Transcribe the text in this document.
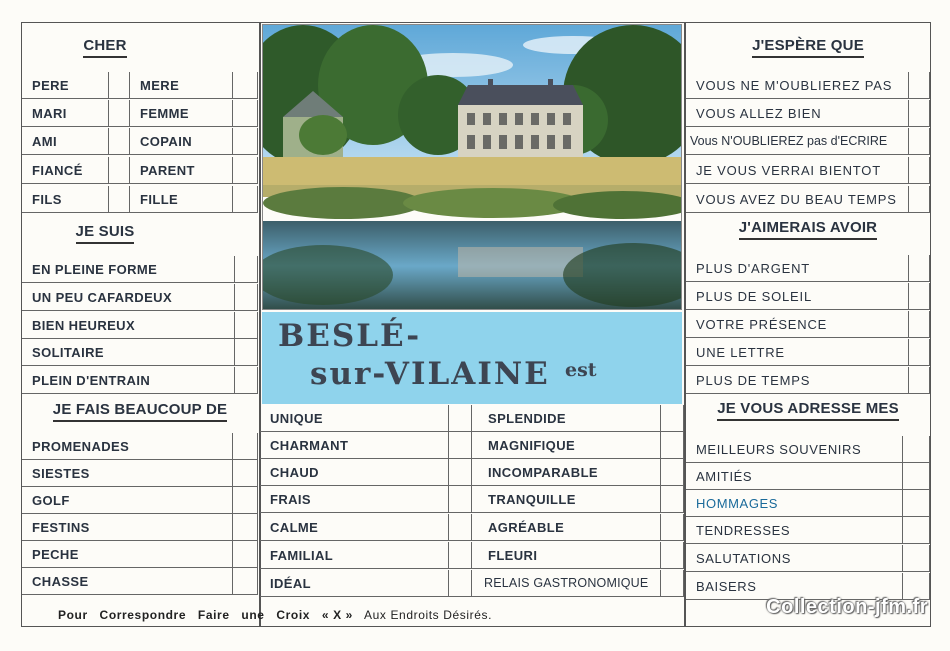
CHER
PERE	MERE
MARI	FEMME
AMI	COPAIN
FIANCÉ	PARENT
FILS	FILLE
JE SUIS
EN PLEINE FORME
UN PEU CAFARDEUX
BIEN HEUREUX
SOLITAIRE
PLEIN D'ENTRAIN
JE FAIS BEAUCOUP DE
PROMENADES
SIESTES
GOLF
FESTINS
PECHE
CHASSE
BESLÉ-
sur-VILAINE est
UNIQUE	SPLENDIDE
CHARMANT	MAGNIFIQUE
CHAUD	INCOMPARABLE
FRAIS	TRANQUILLE
CALME	AGRÉABLE
FAMILIAL	FLEURI
IDÉAL	RELAIS GASTRONOMIQUE
J'ESPÈRE QUE
VOUS NE M'OUBLIEREZ PAS
VOUS ALLEZ BIEN
Vous N'OUBLIEREZ pas d'ECRIRE
JE VOUS VERRAI BIENTOT
VOUS AVEZ DU BEAU TEMPS
J'AIMERAIS AVOIR
PLUS D'ARGENT
PLUS DE SOLEIL
VOTRE PRÉSENCE
UNE LETTRE
PLUS DE TEMPS
JE VOUS ADRESSE MES
MEILLEURS SOUVENIRS
AMITIÉS
HOMMAGES
TENDRESSES
SALUTATIONS
BAISERS
Pour Correspondre Faire une Croix « X » Aux Endroits Désirés.	Collection-jfm.fr
